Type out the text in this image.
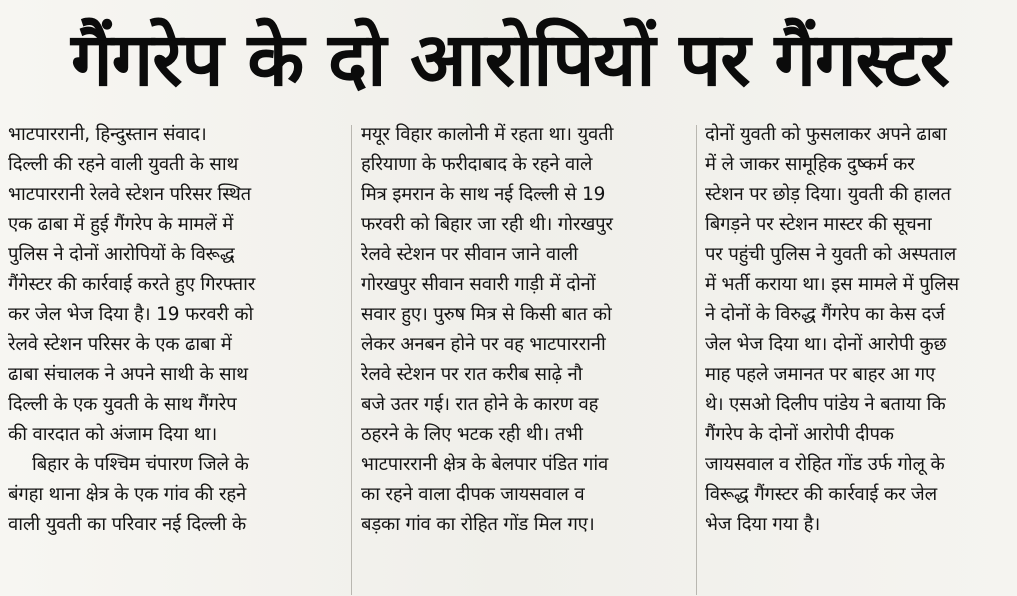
गैंगरेप के दो आरोपियों पर गैंगस्टर
भाटपाररानी, हिन्दुस्तान संवाद।
दिल्ली की रहने वाली युवती के साथ
भाटपाररानी रेलवे स्टेशन परिसर स्थित
एक ढाबा में हुई गैंगरेप के मामलें में
पुलिस ने दोनों आरोपियों के विरूद्ध
गैंगेस्टर की कार्रवाई करते हुए गिरफ्तार
कर जेल भेज दिया है। 19 फरवरी को
रेलवे स्टेशन परिसर के एक ढाबा में
ढाबा संचालक ने अपने साथी के साथ
दिल्ली के एक युवती के साथ गैंगरेप
की वारदात को अंजाम दिया था।
बिहार के पश्चिम चंपारण जिले के
बंगहा थाना क्षेत्र के एक गांव की रहने
वाली युवती का परिवार नई दिल्ली के
मयूर विहार कालोनी में रहता था। युवती
हरियाणा के फरीदाबाद के रहने वाले
मित्र इमरान के साथ नई दिल्ली से 19
फरवरी को बिहार जा रही थी। गोरखपुर
रेलवे स्टेशन पर सीवान जाने वाली
गोरखपुर सीवान सवारी गाड़ी में दोनों
सवार हुए। पुरुष मित्र से किसी बात को
लेकर अनबन होने पर वह भाटपाररानी
रेलवे स्टेशन पर रात करीब साढ़े नौ
बजे उतर गई। रात होने के कारण वह
ठहरने के लिए भटक रही थी। तभी
भाटपाररानी क्षेत्र के बेलपार पंडित गांव
का रहने वाला दीपक जायसवाल व
बड़का गांव का रोहित गोंड मिल गए।
दोनों युवती को फुसलाकर अपने ढाबा
में ले जाकर सामूहिक दुष्कर्म कर
स्टेशन पर छोड़ दिया। युवती की हालत
बिगड़ने पर स्टेशन मास्टर की सूचना
पर पहुंची पुलिस ने युवती को अस्पताल
में भर्ती कराया था। इस मामले में पुलिस
ने दोनों के विरुद्ध गैंगरेप का केस दर्ज
जेल भेज दिया था। दोनों आरोपी कुछ
माह पहले जमानत पर बाहर आ गए
थे। एसओ दिलीप पांडेय ने बताया कि
गैंगरेप के दोनों आरोपी दीपक
जायसवाल व रोहित गोंड उर्फ गोलू के
विरूद्ध गैंगस्टर की कार्रवाई कर जेल
भेज दिया गया है।
